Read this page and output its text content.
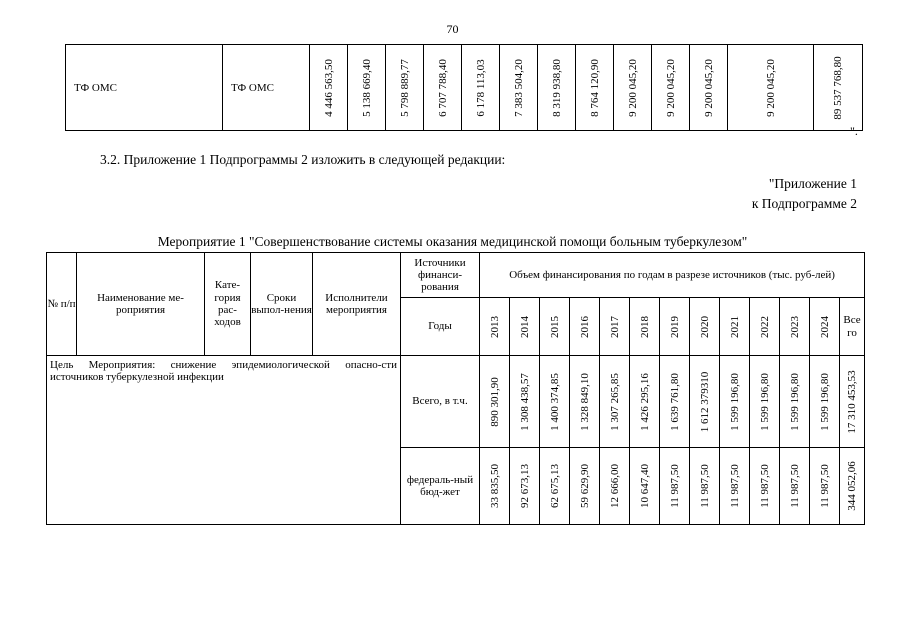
70
ТФ ОМС	ТФ ОМС	4 446 563,50	5 138 669,40	5 798 889,77	6 707 788,40	6 178 113,03	7 383 504,20	8 319 938,80	8 764 120,90	9 200 045,20	9 200 045,20	9 200 045,20	9 200 045,20	89 537 768,80
".
3.2. Приложение 1 Подпрограммы 2 изложить в следующей редакции:
"Приложение 1
к Подпрограмме 2
Мероприятие 1 "Совершенствование системы оказания медицинской помощи больным туберкулезом"
№ п/п	Наименование ме-роприятия	Кате-гория рас-ходов	Сроки выпол-нения	Исполнители мероприятия	Источники финанси-рования	Объем финансирования по годам в разрезе источников (тыс. руб-лей)												
					Годы	2013	2014	2015	2016	2017	2018	2019	2020	2021	2022	2023	2024	Все го
Цель Мероприятия: снижение эпидемиологической опасно-сти источников туберкулезной инфекции					Всего, в т.ч.	890 301,90	1 308 438,57	1 400 374,85	1 328 849,10	1 307 265,85	1 426 295,16	1 639 761,80	1 612 379310	1 599 196,80	1 599 196,80	1 599 196,80	1 599 196,80	17 310 453,53

					федераль-ный бюд-жет	33 835,50	92 673,13	62 675,13	59 629,90	12 666,00	10 647,40	11 987,50	11 987,50	11 987,50	11 987,50	11 987,50	11 987,50	344 052,06
